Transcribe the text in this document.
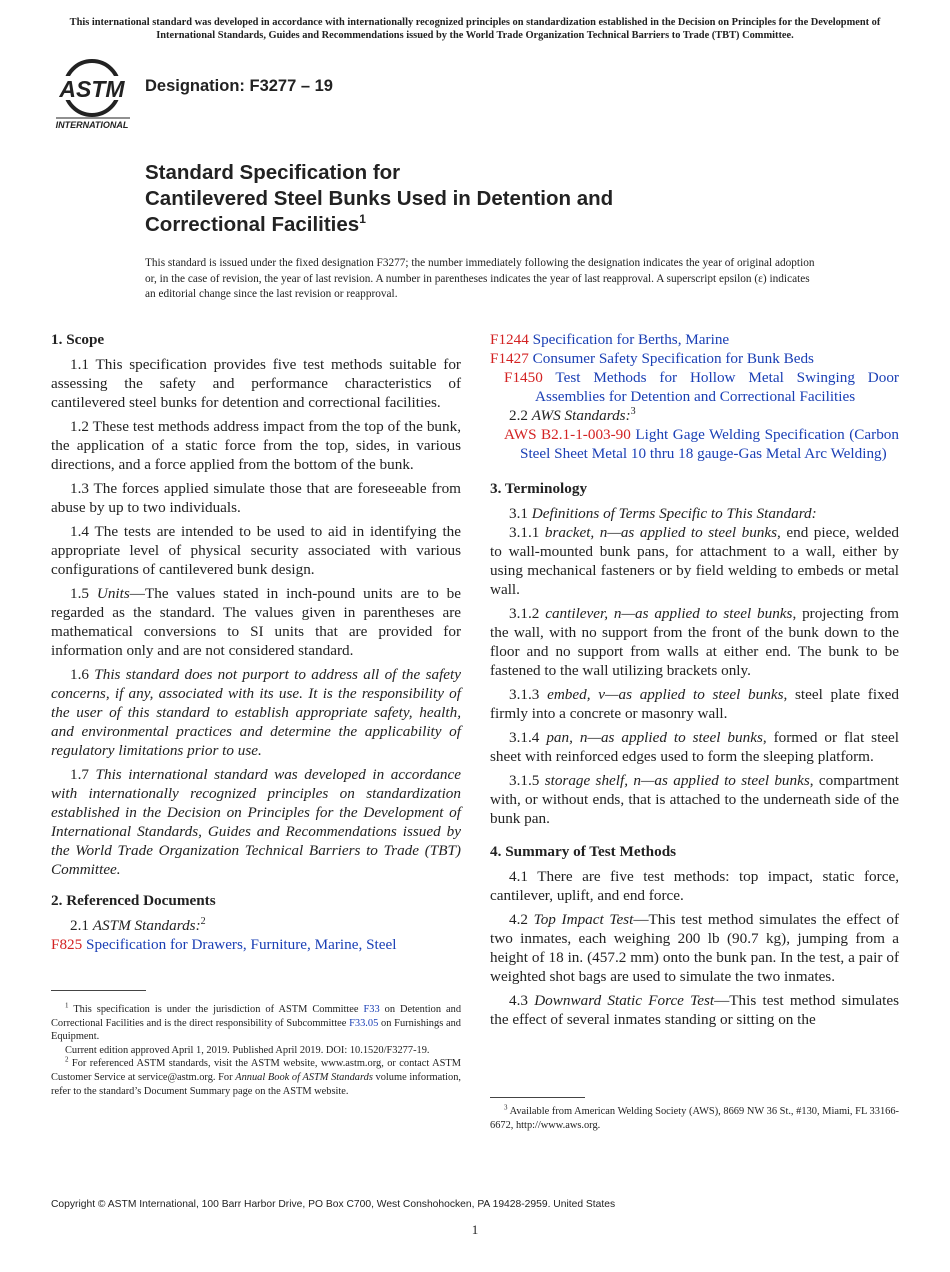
This international standard was developed in accordance with internationally recognized principles on standardization established in the Decision on Principles for the Development of International Standards, Guides and Recommendations issued by the World Trade Organization Technical Barriers to Trade (TBT) Committee.
ASTM
INTERNATIONAL
Designation: F3277 – 19
Standard Specification for
Cantilevered Steel Bunks Used in Detention and
Correctional Facilities$^1$
This standard is issued under the fixed designation F3277; the number immediately following the designation indicates the year of original adoption or, in the case of revision, the year of last revision. A number in parentheses indicates the year of last reapproval. A superscript epsilon (ε) indicates an editorial change since the last revision or reapproval.
1. Scope
1.1 This specification provides five test methods suitable for assessing the safety and performance characteristics of cantilevered steel bunks for detention and correctional facilities.
1.2 These test methods address impact from the top of the bunk, the application of a static force from the top, sides, in various directions, and a force applied from the bottom of the bunk.
1.3 The forces applied simulate those that are foreseeable from abuse by up to two individuals.
1.4 The tests are intended to be used to aid in identifying the appropriate level of physical security associated with various configurations of cantilevered bunk design.
1.5 Units—The values stated in inch-pound units are to be regarded as the standard. The values given in parentheses are mathematical conversions to SI units that are provided for information only and are not considered standard.
1.6 This standard does not purport to address all of the safety concerns, if any, associated with its use. It is the responsibility of the user of this standard to establish appropriate safety, health, and environmental practices and determine the applicability of regulatory limitations prior to use.
1.7 This international standard was developed in accordance with internationally recognized principles on standardization established in the Decision on Principles for the Development of International Standards, Guides and Recommendations issued by the World Trade Organization Technical Barriers to Trade (TBT) Committee.
2. Referenced Documents
2.1 ASTM Standards:$^2$
F825 Specification for Drawers, Furniture, Marine, Steel
F1244 Specification for Berths, Marine
F1427 Consumer Safety Specification for Bunk Beds
F1450 Test Methods for Hollow Metal Swinging Door Assemblies for Detention and Correctional Facilities
2.2 AWS Standards:$^3$
AWS B2.1-1-003-90 Light Gage Welding Specification (Carbon Steel Sheet Metal 10 thru 18 gauge-Gas Metal Arc Welding)
3. Terminology
3.1 Definitions of Terms Specific to This Standard:
3.1.1 bracket, n—as applied to steel bunks, end piece, welded to wall-mounted bunk pans, for attachment to a wall, either by using mechanical fasteners or by field welding to embeds or metal wall.
3.1.2 cantilever, n—as applied to steel bunks, projecting from the wall, with no support from the front of the bunk down to the floor and no support from walls at either end. The bunk to be fastened to the wall utilizing brackets only.
3.1.3 embed, v—as applied to steel bunks, steel plate fixed firmly into a concrete or masonry wall.
3.1.4 pan, n—as applied to steel bunks, formed or flat steel sheet with reinforced edges used to form the sleeping platform.
3.1.5 storage shelf, n—as applied to steel bunks, compartment with, or without ends, that is attached to the underneath side of the bunk pan.
4. Summary of Test Methods
4.1 There are five test methods: top impact, static force, cantilever, uplift, and end force.
4.2 Top Impact Test—This test method simulates the effect of two inmates, each weighing 200 lb (90.7 kg), jumping from a height of 18 in. (457.2 mm) onto the bunk pan. In the test, a pair of weighted shot bags are used to simulate the two inmates.
4.3 Downward Static Force Test—This test method simulates the effect of several inmates standing or sitting on the

$^1$ This specification is under the jurisdiction of ASTM Committee F33 on Detention and Correctional Facilities and is the direct responsibility of Subcommittee F33.05 on Furnishings and Equipment.

Current edition approved April 1, 2019. Published April 2019. DOI: 10.1520/F3277-19.

$^2$ For referenced ASTM standards, visit the ASTM website, www.astm.org, or contact ASTM Customer Service at service@astm.org. For Annual Book of ASTM Standards volume information, refer to the standard’s Document Summary page on the ASTM website.

$^3$ Available from American Welding Society (AWS), 8669 NW 36 St., #130, Miami, FL 33166-6672, http://www.aws.org.

Copyright © ASTM International, 100 Barr Harbor Drive, PO Box C700, West Conshohocken, PA 19428-2959. United States
1
